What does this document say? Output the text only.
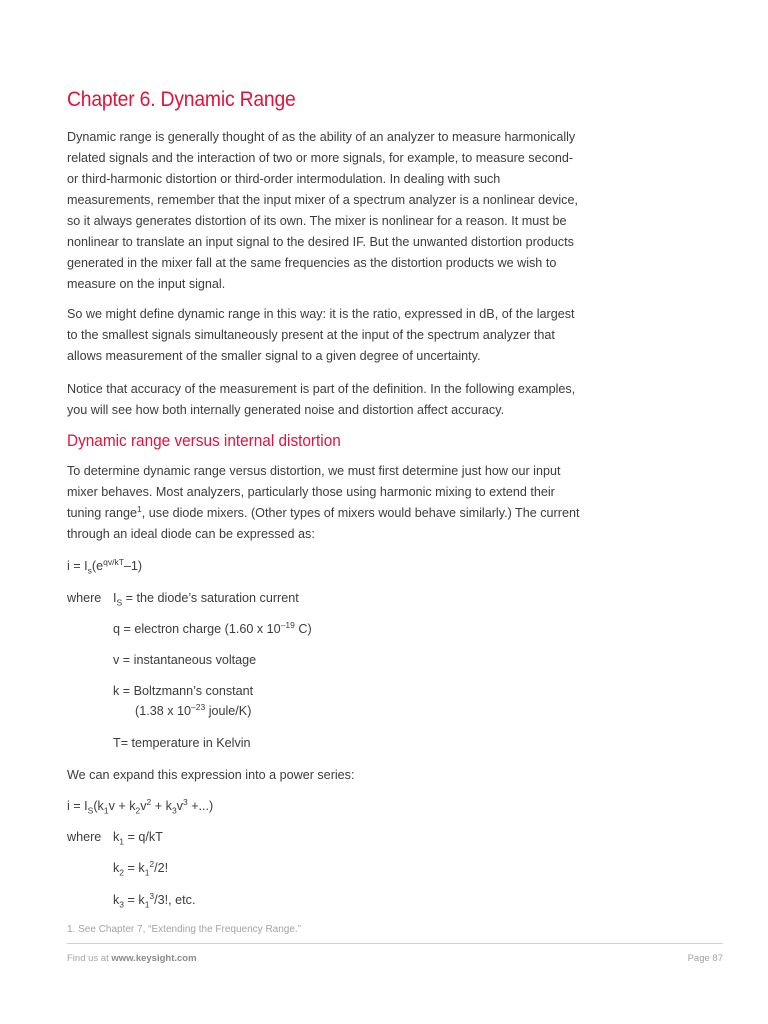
Chapter 6. Dynamic Range

Dynamic range is generally thought of as the ability of an analyzer to measure harmonically related signals and the interaction of two or more signals, for example, to measure second- or third-harmonic distortion or third-order intermodulation. In dealing with such measurements, remember that the input mixer of a spectrum analyzer is a nonlinear device, so it always generates distortion of its own. The mixer is nonlinear for a reason. It must be nonlinear to translate an input signal to the desired IF. But the unwanted distortion products generated in the mixer fall at the same frequencies as the distortion products we wish to measure on the input signal.

So we might define dynamic range in this way: it is the ratio, expressed in dB, of the largest to the smallest signals simultaneously present at the input of the spectrum analyzer that allows measurement of the smaller signal to a given degree of uncertainty.

Notice that accuracy of the measurement is part of the definition. In the following examples, you will see how both internally generated noise and distortion affect accuracy.

Dynamic range versus internal distortion

To determine dynamic range versus distortion, we must first determine just how our input mixer behaves. Most analyzers, particularly those using harmonic mixing to extend their tuning range$^1$, use diode mixers. (Other types of mixers would behave similarly.) The current through an ideal diode can be expressed as:

$i = I_s(e^{qv/kT}-1)$
where $I_S$ = the diode’s saturation current
q = electron charge (1.60 x $10^{-19}$ C)
v = instantaneous voltage
k = Boltzmann’s constant
(1.38 x $10^{-23}$ joule/K)
T= temperature in Kelvin
We can expand this expression into a power series:
$i = I_S(k_1v + k_2v^2 + k_3v^3$ +...)
where $k_1 = q/kT$
$k_2 = k_1^2/2$!
$k_3 = k_1^3/3$!, etc.
1. See Chapter 7, “Extending the Frequency Range.”
Find us at www.keysight.com	Page 87
